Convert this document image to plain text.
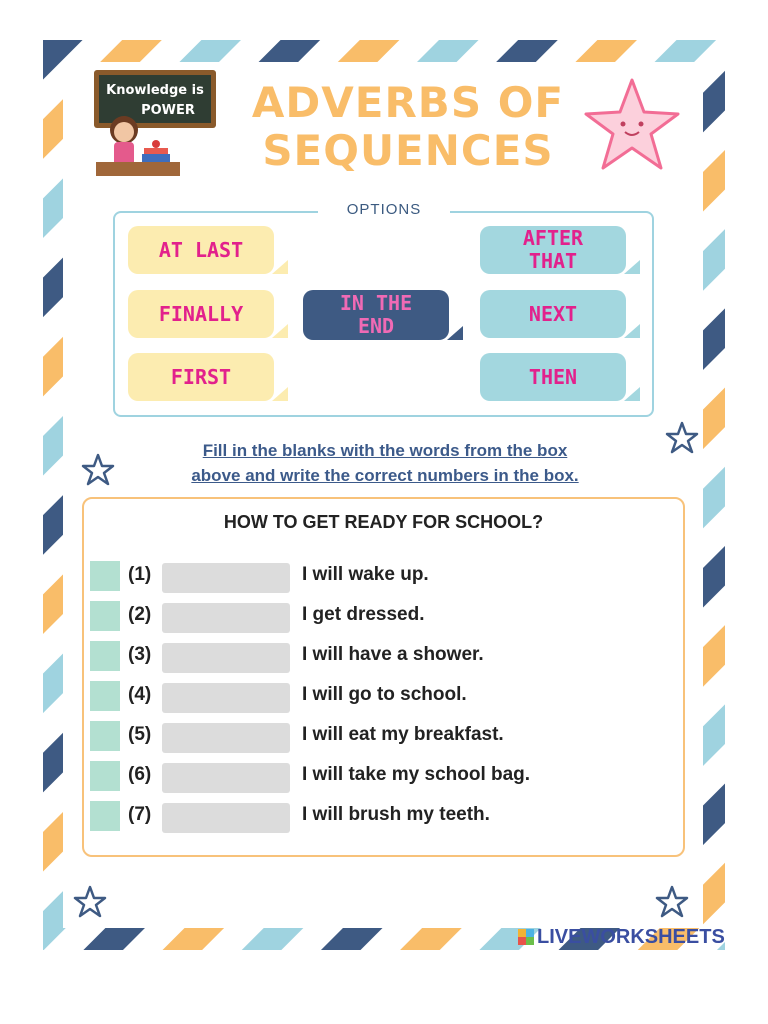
Knowledge is
POWER	ADVERBS OF
SEQUENCES
OPTIONS
AT LAST
FINALLY
FIRST
IN THE END
AFTER THAT
NEXT
THEN
Fill in the blanks with the words from the box
above and write the correct numbers in the box.
HOW TO GET READY FOR SCHOOL?
(1)	I will wake up.
(2)	I get dressed.
(3)	I will have a shower.
(4)	I will go to school.
(5)	I will eat my breakfast.
(6)	I will take my school bag.
(7)	I will brush my teeth.
LIVEWORKSHEETS
